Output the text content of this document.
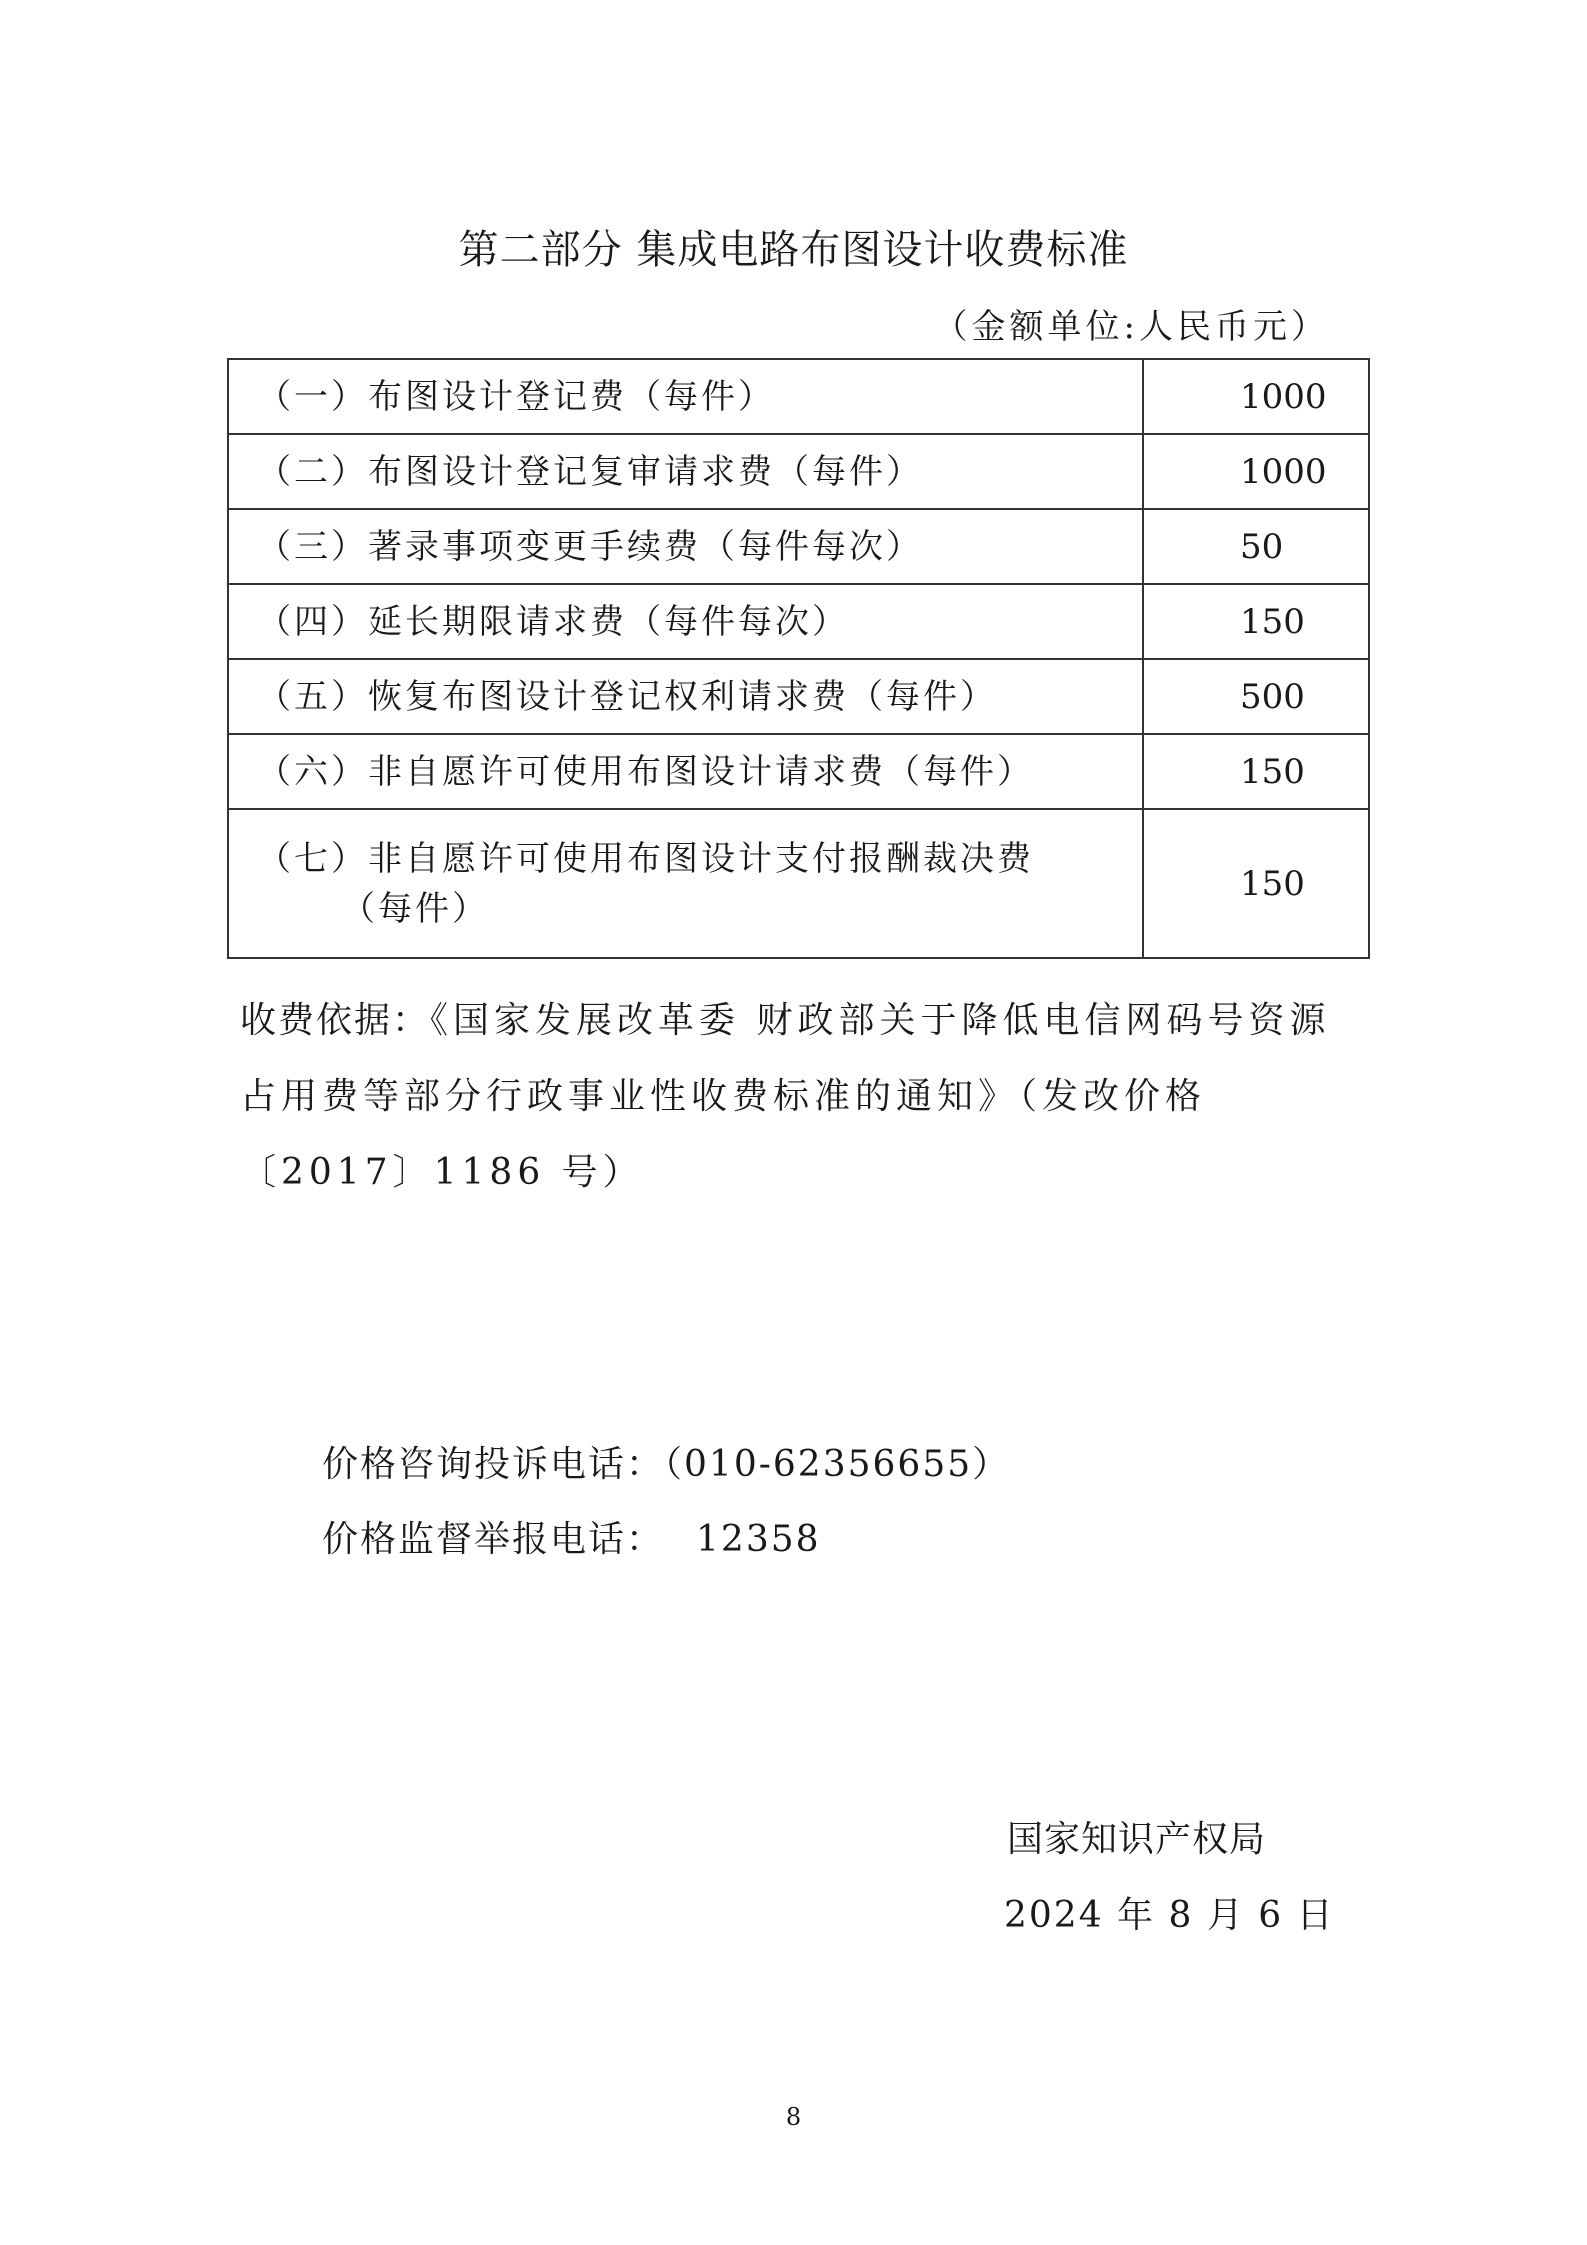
第二部分 集成电路布图设计收费标准
（金额单位:人民币元）
（一）布图设计登记费（每件）	1000
（二）布图设计登记复审请求费（每件）	1000
（三）著录事项变更手续费（每件每次）	50
（四）延长期限请求费（每件每次）	150
（五）恢复布图设计登记权利请求费（每件）	500
（六）非自愿许可使用布图设计请求费（每件）	150
（七）非自愿许可使用布图设计支付报酬裁决费
（每件）	150
收费依据：《国家发展改革委 财政部关于降低电信网码号资源占用费等部分行政事业性收费标准的通知》（发改价格〔2017〕1186 号）
价格咨询投诉电话：（010-62356655）
价格监督举报电话： 12358
国家知识产权局
2024 年 8 月 6 日
8
